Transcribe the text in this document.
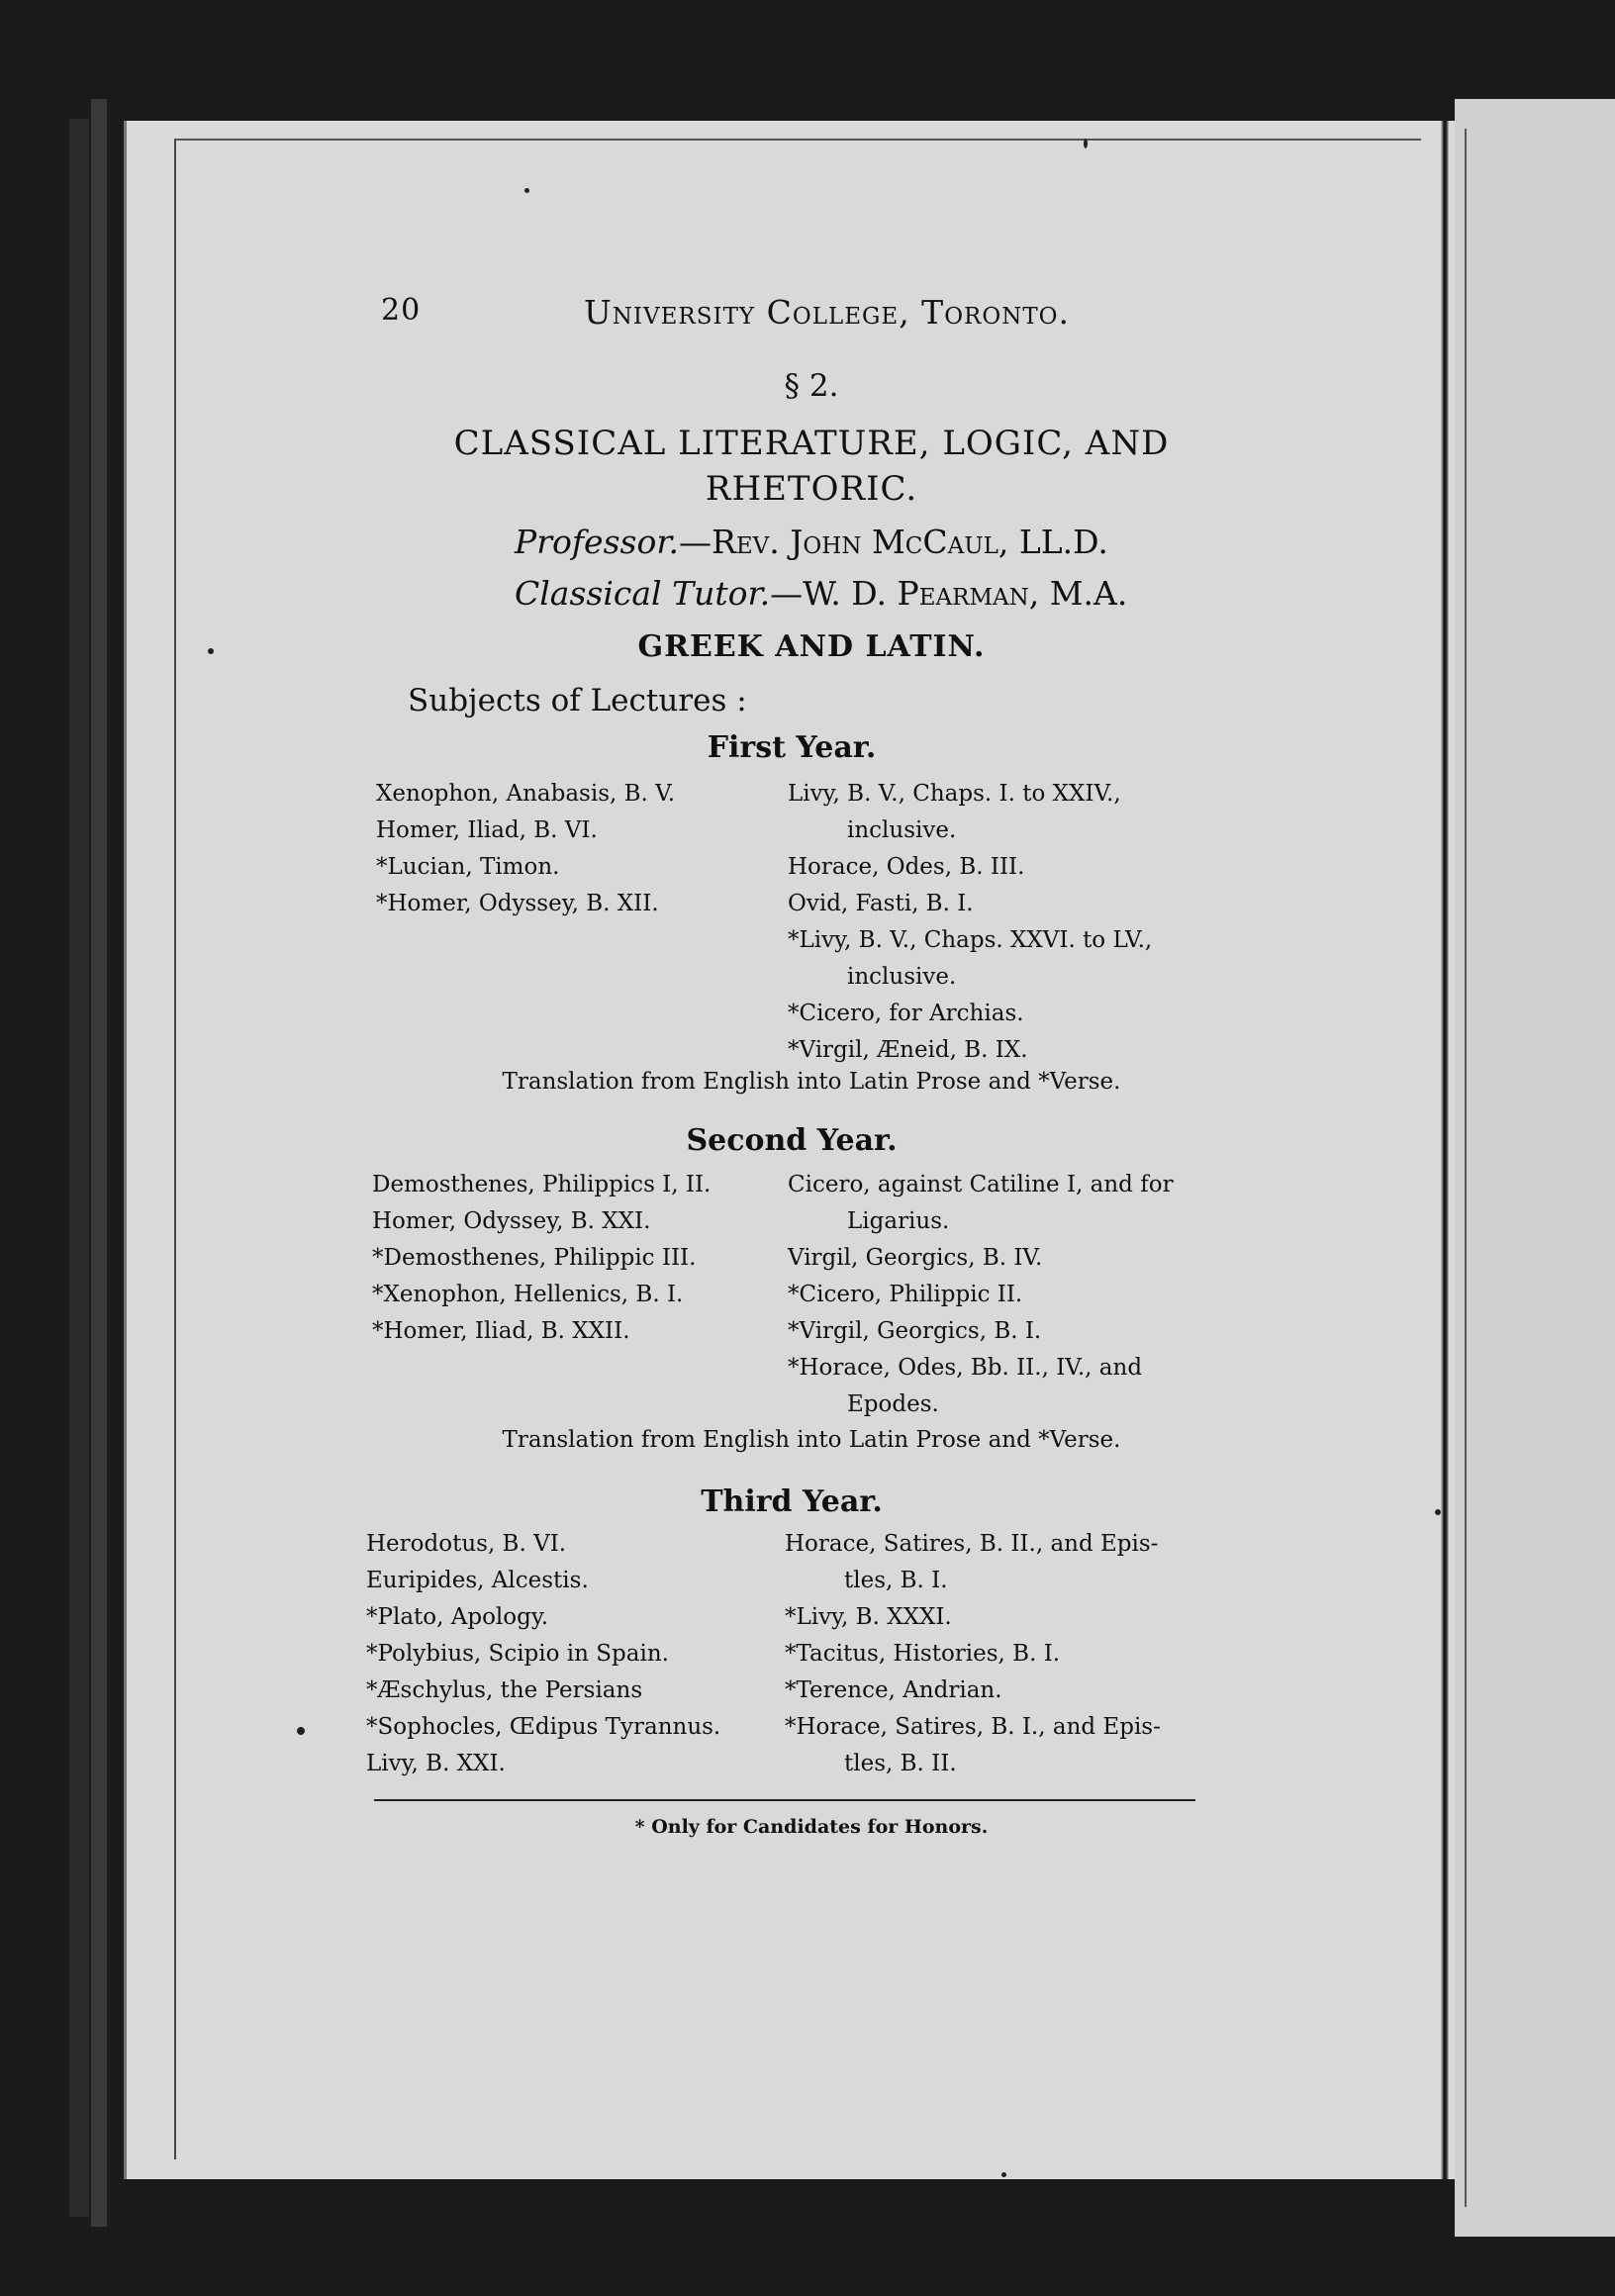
20	University College, Toronto.
§ 2.
CLASSICAL LITERATURE, LOGIC, AND
RHETORIC.
Professor.—Rev. John McCaul, LL.D.
Classical Tutor.—W. D. Pearman, M.A.
GREEK AND LATIN.
Subjects of Lectures :
First Year.
Xenophon, Anabasis, B. V.
Homer, Iliad, B. VI.
*Lucian, Timon.
*Homer, Odyssey, B. XII.
Livy, B. V., Chaps. I. to XXIV.,
inclusive.
Horace, Odes, B. III.
Ovid, Fasti, B. I.
*Livy, B. V., Chaps. XXVI. to LV.,
inclusive.
*Cicero, for Archias.
*Virgil, Æneid, B. IX.
Translation from English into Latin Prose and *Verse.
Second Year.
Demosthenes, Philippics I, II.
Homer, Odyssey, B. XXI.
*Demosthenes, Philippic III.
*Xenophon, Hellenics, B. I.
*Homer, Iliad, B. XXII.
Cicero, against Catiline I, and for
Ligarius.
Virgil, Georgics, B. IV.
*Cicero, Philippic II.
*Virgil, Georgics, B. I.
*Horace, Odes, Bb. II., IV., and
Epodes.
Translation from English into Latin Prose and *Verse.
Third Year.
Herodotus, B. VI.
Euripides, Alcestis.
*Plato, Apology.
*Polybius, Scipio in Spain.
*Æschylus, the Persians
*Sophocles, Œdipus Tyrannus.
Livy, B. XXI.
Horace, Satires, B. II., and Epis-
tles, B. I.
*Livy, B. XXXI.
*Tacitus, Histories, B. I.
*Terence, Andrian.
*Horace, Satires, B. I., and Epis-
tles, B. II.
* Only for Candidates for Honors.
